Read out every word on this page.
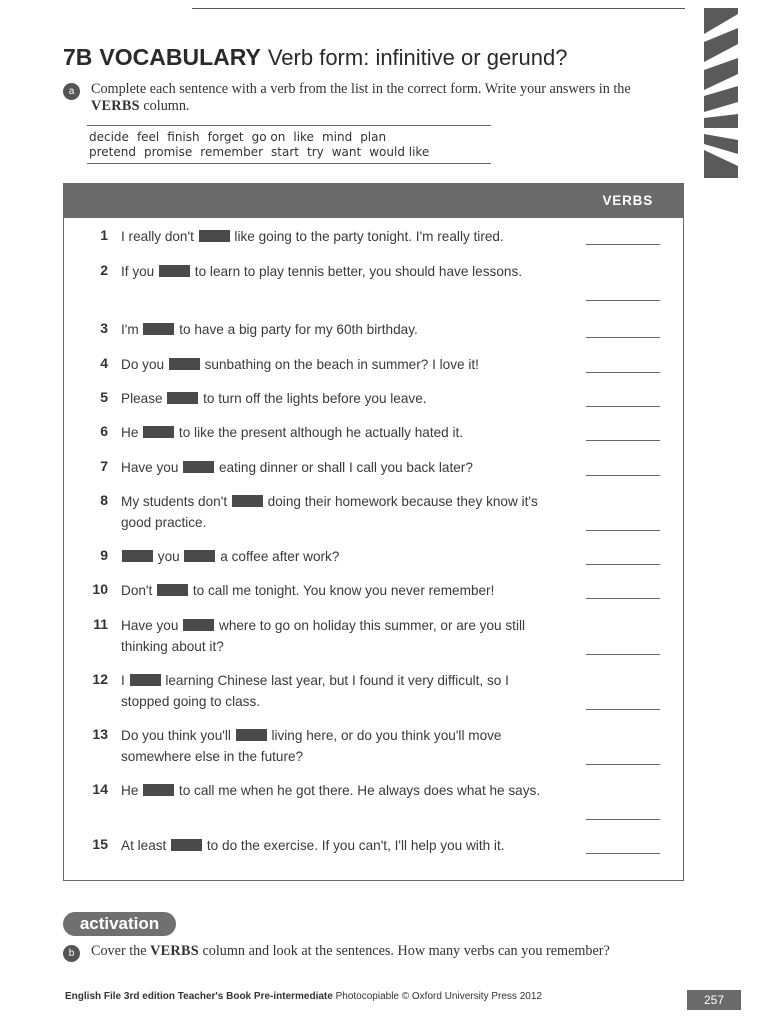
7B VOCABULARY Verb form: infinitive or gerund?
a	Complete each sentence with a verb from the list in the correct form. Write your answers in the VERBS column.
decide feel finish forget go on like mind plan
pretend promise remember start try want would like
VERBS
1 I really don't  like going to the party tonight. I'm really tired.
2 If you  to learn to play tennis better, you should have lessons.
3 I'm  to have a big party for my 60th birthday.
4 Do you  sunbathing on the beach in summer? I love it!
5 Please  to turn off the lights before you leave.
6 He  to like the present although he actually hated it.
7 Have you  eating dinner or shall I call you back later?
8 My students don't  doing their homework because they know it's good practice.
9	you  a coffee after work?
10 Don't  to call me tonight. You know you never remember!
11 Have you  where to go on holiday this summer, or are you still thinking about it?
12 I  learning Chinese last year, but I found it very difficult, so I stopped going to class.
13 Do you think you'll  living here, or do you think you'll move somewhere else in the future?
14 He  to call me when he got there. He always does what he says.
15 At least  to do the exercise. If you can't, I'll help you with it.
activation
b	Cover the VERBS column and look at the sentences. How many verbs can you remember?
English File 3rd edition Teacher's Book Pre-intermediate Photocopiable © Oxford University Press 2012	257
